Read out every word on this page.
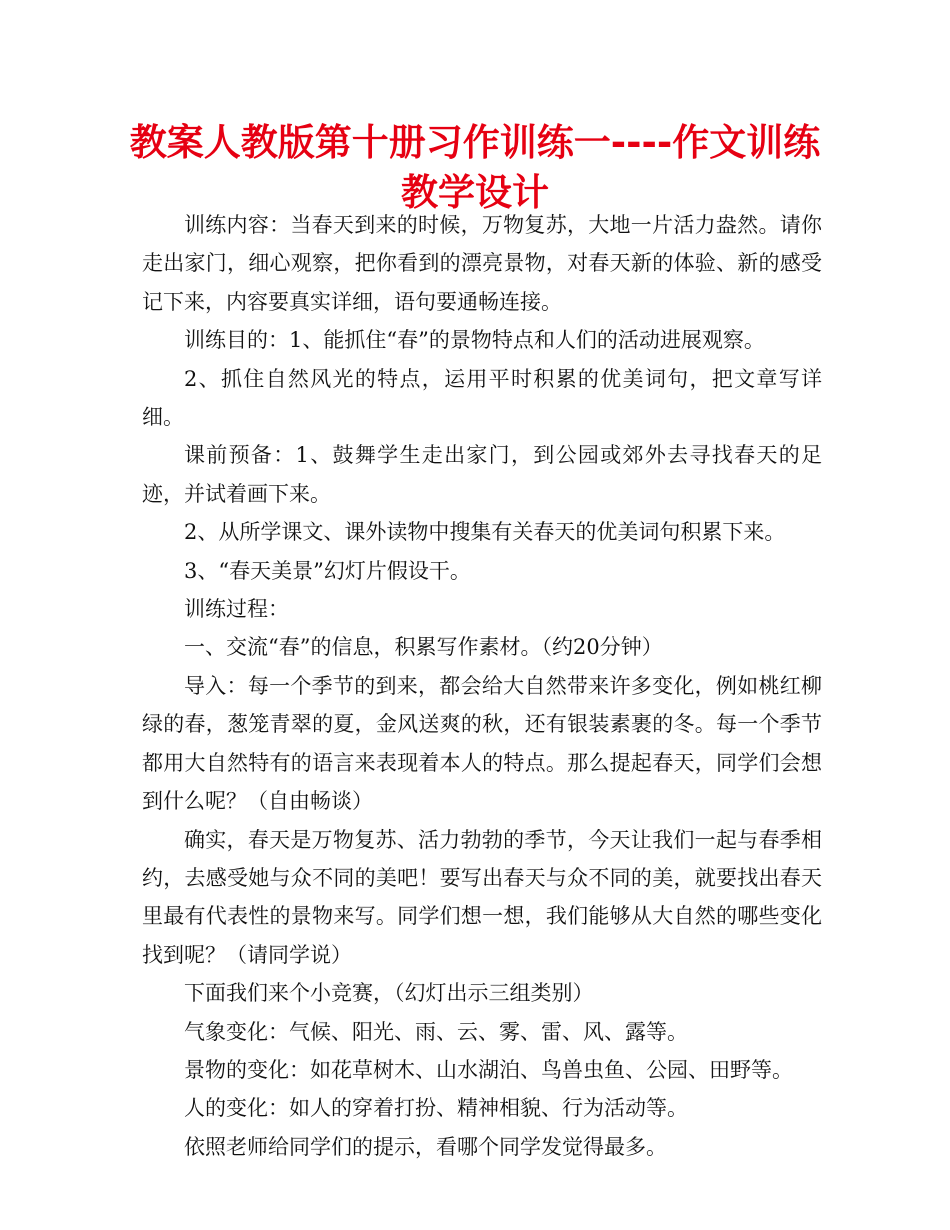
教案人教版第十册习作训练一----作文训练教学设计

训练内容：当春天到来的时候，万物复苏，大地一片活力盎然。请你走出家门，细心观察，把你看到的漂亮景物，对春天新的体验、新的感受记下来，内容要真实详细，语句要通畅连接。

训练目的：1、能抓住“春”的景物特点和人们的活动进展观察。

2、抓住自然风光的特点，运用平时积累的优美词句，把文章写详细。

课前预备：1、鼓舞学生走出家门，到公园或郊外去寻找春天的足迹，并试着画下来。

2、从所学课文、课外读物中搜集有关春天的优美词句积累下来。

3、“春天美景”幻灯片假设干。

训练过程：

一、交流“春”的信息，积累写作素材。（约20分钟）

导入：每一个季节的到来，都会给大自然带来许多变化，例如桃红柳绿的春，葱笼青翠的夏，金风送爽的秋，还有银装素裹的冬。每一个季节都用大自然特有的语言来表现着本人的特点。那么提起春天，同学们会想到什么呢？（自由畅谈）

确实，春天是万物复苏、活力勃勃的季节，今天让我们一起与春季相约，去感受她与众不同的美吧！要写出春天与众不同的美，就要找出春天里最有代表性的景物来写。同学们想一想，我们能够从大自然的哪些变化找到呢？（请同学说）

下面我们来个小竞赛，（幻灯出示三组类别）

气象变化：气候、阳光、雨、云、雾、雷、风、露等。

景物的变化：如花草树木、山水湖泊、鸟兽虫鱼、公园、田野等。

人的变化：如人的穿着打扮、精神相貌、行为活动等。

依照老师给同学们的提示，看哪个同学发觉得最多。
